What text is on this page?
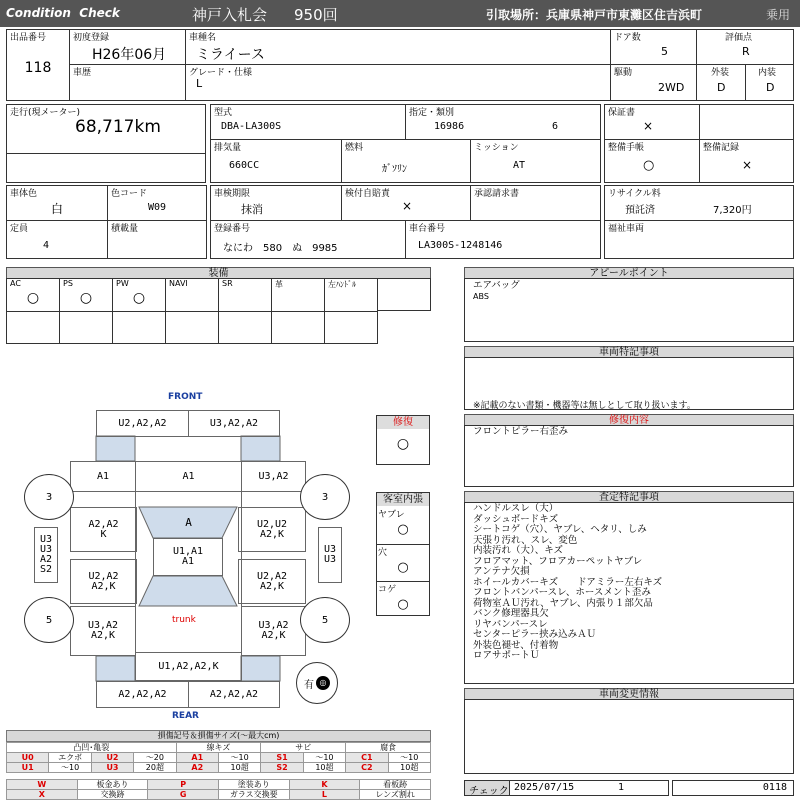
Condition  Check	神戸入札会 950回	引取場所：兵庫県神戸市東灘区住吉浜町	乗用
出品番号
118
初度登録
H26年06月
車種名
ミライース
ドア数
5
評価点
R
車歴	グレード・仕様
L
駆動
2WD
外装
D
内装
D
走行(現メーター)
68,717km
型式
DBA-LA300S
指定・類別
16986	6
保証書
×
排気量
660CC
燃料
ｶﾞｿﾘﾝ
ミッション
AT
整備手帳
○
整備記録
×
車体色
白
色コード
W09
車検期限
抹消
検付自賠責
×
承認請求書	リサイクル料
預託済	7,320円
定員
4
積載量	登録番号
なにわ　580　ぬ　9985
車台番号
LA300S-1248146
福祉車両
装備
AC
○
PS
○
PW
○
NAVI	SR	革	左ﾊﾝﾄﾞﾙ
アピールポイント
エアバッグ
ABS
車両特記事項
※記載のない書類・機器等は無しとして取り扱います。
修復内容
フロントピラー右歪み
査定特記事項
ハンドルスレ（大）
ダッシュボードキズ
シートコゲ（穴）、ヤブレ、ヘタリ、しみ
天張り汚れ、スレ、変色
内装汚れ（大）、キズ
フロアマット、フロアカーペットヤブレ
アンテナ欠損
ホイールカバーキズ　　ドアミラー左右キズ
フロントバンパースレ、ホースメント歪み
荷物室ＡＵ汚れ、ヤブレ、内張り１部欠品
バンク修理器具欠
リヤバンパースレ
センターピラー挟み込みＡＵ
外装色褪せ、付着物
ロアサポートＵ
車両変更情報
チェック 2025/07/15	1	0118
修復
○
客室内張
ヤブレ
○
穴
○
コゲ
○
FRONT
REAR
U2,A2,A2	U3,A2,A2
A1	A1	U3,A2
A2,A2
K
U2,U2
A2,K
U1,A1
A1
U2,A2
A2,K
U2,A2
A2,K
U3,A2
A2,K
U3,A2
A2,K
U1,A2,A2,K
A2,A2,A2	A2,A2,A2
U3
U3
A2
S2
U3
U3
A
3	3
5	5
trunk
有 ◎
損傷記号＆損傷サイズ(～最大cm)
凸凹･亀裂				線キズ		サビ		腐食	
U0	エクボ	U2	～20	A1	～10	S1	～10	C1	～10
U1	～10	U3	20超	A2	10超	S2	10超	C2	10超
W	板金あり	P	塗装あり	K	看板跡
X	交換跡	G	ガラス交換要	L	レンズ割れ
